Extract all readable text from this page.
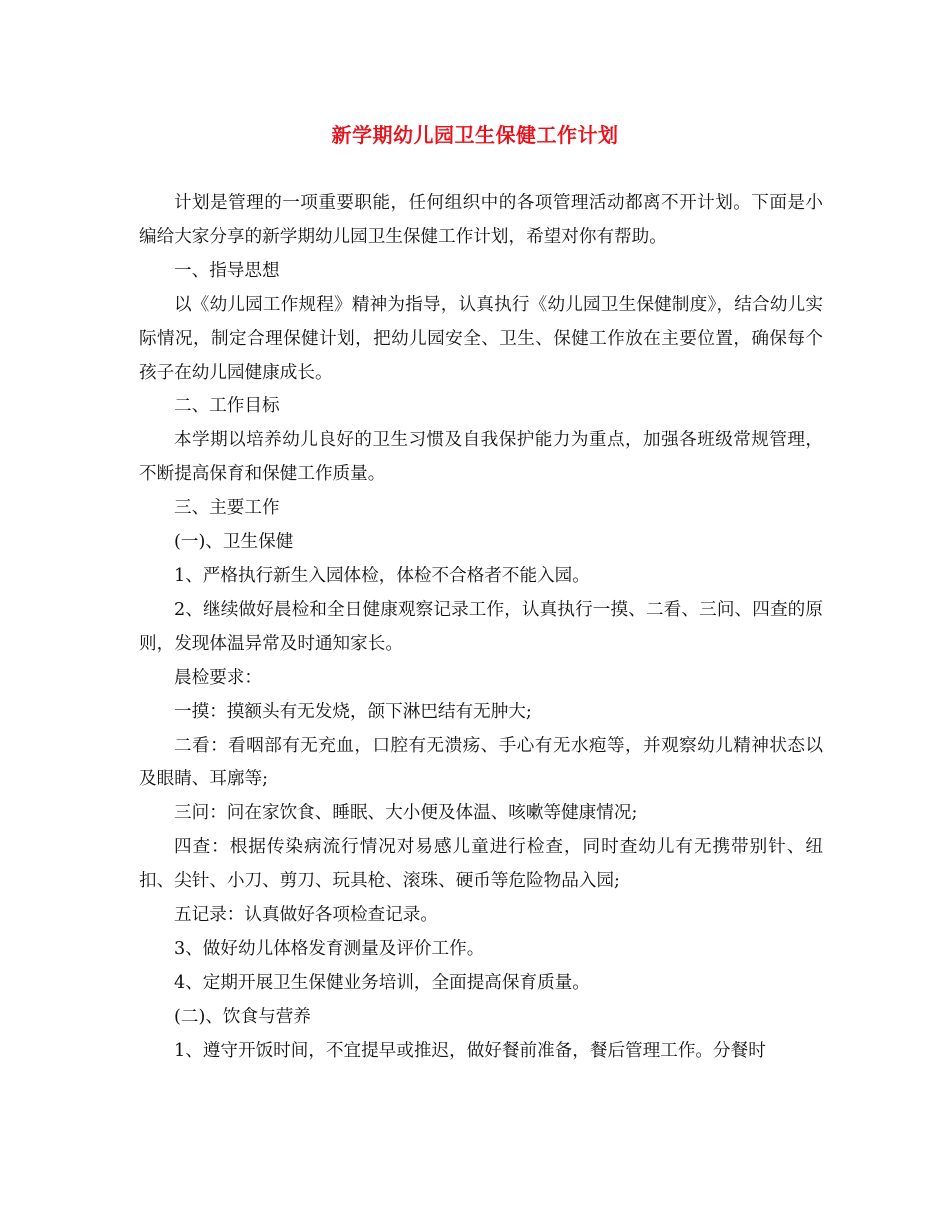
新学期幼儿园卫生保健工作计划

计划是管理的一项重要职能，任何组织中的各项管理活动都离不开计划。下面是小编给大家分享的新学期幼儿园卫生保健工作计划，希望对你有帮助。

一、指导思想

以《幼儿园工作规程》精神为指导，认真执行《幼儿园卫生保健制度》，结合幼儿实际情况，制定合理保健计划，把幼儿园安全、卫生、保健工作放在主要位置，确保每个孩子在幼儿园健康成长。

二、工作目标

本学期以培养幼儿良好的卫生习惯及自我保护能力为重点，加强各班级常规管理，不断提高保育和保健工作质量。

三、主要工作

(一)、卫生保健

1、严格执行新生入园体检，体检不合格者不能入园。

2、继续做好晨检和全日健康观察记录工作，认真执行一摸、二看、三问、四查的原则，发现体温异常及时通知家长。

晨检要求：

一摸：摸额头有无发烧，颌下淋巴结有无肿大;

二看：看咽部有无充血，口腔有无溃疡、手心有无水疱等，并观察幼儿精神状态以及眼睛、耳廓等;

三问：问在家饮食、睡眠、大小便及体温、咳嗽等健康情况;

四查：根据传染病流行情况对易感儿童进行检查，同时查幼儿有无携带别针、纽扣、尖针、小刀、剪刀、玩具枪、滚珠、硬币等危险物品入园;

五记录：认真做好各项检查记录。

3、做好幼儿体格发育测量及评价工作。

4、定期开展卫生保健业务培训，全面提高保育质量。

(二)、饮食与营养

1、遵守开饭时间，不宜提早或推迟，做好餐前准备，餐后管理工作。分餐时
